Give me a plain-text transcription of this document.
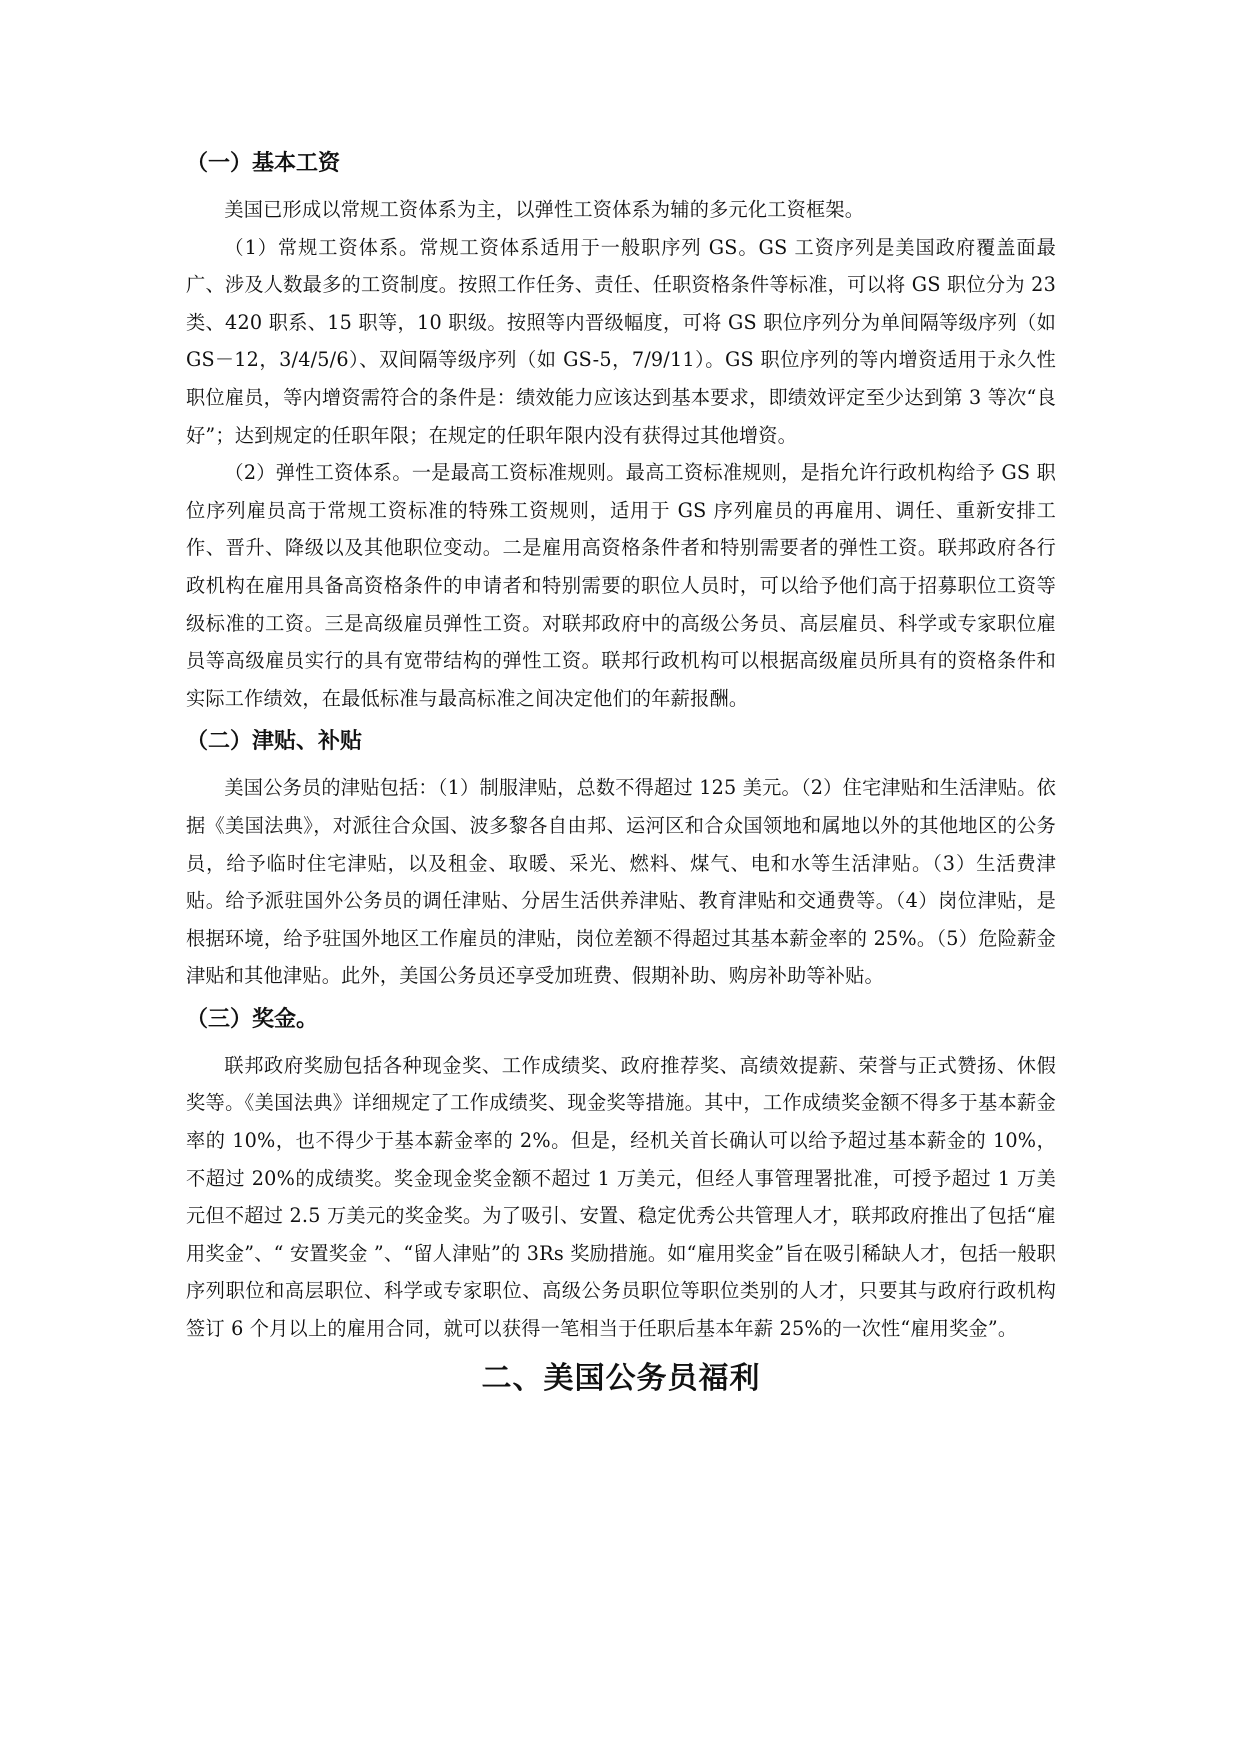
（一）基本工资

美国已形成以常规工资体系为主，以弹性工资体系为辅的多元化工资框架。

（1）常规工资体系。常规工资体系适用于一般职序列 GS。GS 工资序列是美国政府覆盖面最广、涉及人数最多的工资制度。按照工作任务、责任、任职资格条件等标准，可以将 GS 职位分为 23 类、420 职系、15 职等，10 职级。按照等内晋级幅度，可将 GS 职位序列分为单间隔等级序列（如 GS－12，3/4/5/6）、双间隔等级序列（如 GS-5，7/9/11）。GS 职位序列的等内增资适用于永久性职位雇员，等内增资需符合的条件是：绩效能力应该达到基本要求，即绩效评定至少达到第 3 等次“良好”；达到规定的任职年限；在规定的任职年限内没有获得过其他增资。

（2）弹性工资体系。一是最高工资标准规则。最高工资标准规则，是指允许行政机构给予 GS 职位序列雇员高于常规工资标准的特殊工资规则，适用于 GS 序列雇员的再雇用、调任、重新安排工作、晋升、降级以及其他职位变动。二是雇用高资格条件者和特别需要者的弹性工资。联邦政府各行政机构在雇用具备高资格条件的申请者和特别需要的职位人员时，可以给予他们高于招募职位工资等级标准的工资。三是高级雇员弹性工资。对联邦政府中的高级公务员、高层雇员、科学或专家职位雇员等高级雇员实行的具有宽带结构的弹性工资。联邦行政机构可以根据高级雇员所具有的资格条件和实际工作绩效，在最低标准与最高标准之间决定他们的年薪报酬。

（二）津贴、补贴

美国公务员的津贴包括：（1）制服津贴，总数不得超过 125 美元。（2）住宅津贴和生活津贴。依据《美国法典》，对派往合众国、波多黎各自由邦、运河区和合众国领地和属地以外的其他地区的公务员，给予临时住宅津贴，以及租金、取暖、采光、燃料、煤气、电和水等生活津贴。（3）生活费津贴。给予派驻国外公务员的调任津贴、分居生活供养津贴、教育津贴和交通费等。（4）岗位津贴，是根据环境，给予驻国外地区工作雇员的津贴，岗位差额不得超过其基本薪金率的 25%。（5）危险薪金津贴和其他津贴。此外，美国公务员还享受加班费、假期补助、购房补助等补贴。

（三）奖金。

联邦政府奖励包括各种现金奖、工作成绩奖、政府推荐奖、高绩效提薪、荣誉与正式赞扬、休假奖等。《美国法典》详细规定了工作成绩奖、现金奖等措施。其中，工作成绩奖金额不得多于基本薪金率的 10%，也不得少于基本薪金率的 2%。但是，经机关首长确认可以给予超过基本薪金的 10%，不超过 20%的成绩奖。奖金现金奖金额不超过 1 万美元，但经人事管理署批准，可授予超过 1 万美元但不超过 2.5 万美元的奖金奖。为了吸引、安置、稳定优秀公共管理人才，联邦政府推出了包括“雇用奖金”、“ 安置奖金 ”、“留人津贴”的 3Rs 奖励措施。如“雇用奖金”旨在吸引稀缺人才，包括一般职序列职位和高层职位、科学或专家职位、高级公务员职位等职位类别的人才，只要其与政府行政机构签订 6 个月以上的雇用合同，就可以获得一笔相当于任职后基本年薪 25%的一次性“雇用奖金”。

二、美国公务员福利
